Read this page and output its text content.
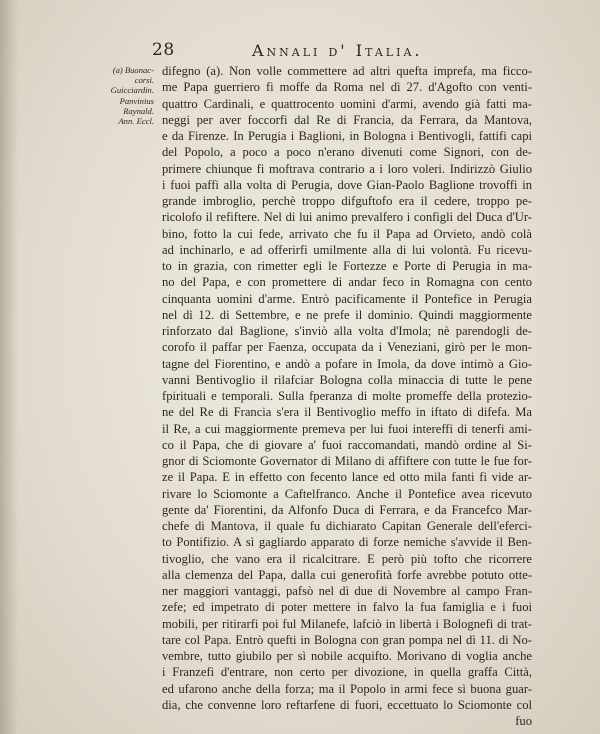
28	Annali d' Italia.
(a) Buonac-
corsi.
Guicciardin.
Panvinius
Raynald.
Ann. Eccl.
difegno (a). Non volle commettere ad altri quefta imprefa, ma ficco-
me Papa guerriero fi moffe da Roma nel dì 27. d'Agofto con venti-
quattro Cardinali, e quattrocento uomini d'armi, avendo già fatti ma-
neggi per aver foccorfi dal Re di Francia, da Ferrara, da Mantova,
e da Firenze. In Perugia i Baglioni, in Bologna i Bentivogli, fattifi capi
del Popolo, a poco a poco n'erano divenuti come Signori, con de-
primere chiunque fi moftrava contrario a i loro voleri. Indirizzò Giulio
i fuoi paffi alla volta di Perugia, dove Gian-Paolo Baglione trovoffi in
grande imbroglio, perchè troppo difguftofo era il cedere, troppo pe-
ricolofo il refiftere. Nel di lui animo prevalfero i configli del Duca d'Ur-
bino, fotto la cui fede, arrivato che fu il Papa ad Orvieto, andò colà
ad inchinarlo, e ad offerirfi umilmente alla di lui volontà. Fu ricevu-
to in grazia, con rimetter egli le Fortezze e Porte di Perugia in ma-
no del Papa, e con promettere di andar feco in Romagna con cento
cinquanta uomini d'arme. Entrò pacificamente il Pontefice in Perugia
nel dì 12. di Settembre, e ne prefe il dominio. Quindi maggiormente
rinforzato dal Baglione, s'inviò alla volta d'Imola; nè parendogli de-
corofo il paffar per Faenza, occupata da i Veneziani, girò per le mon-
tagne del Fiorentino, e andò a pofare in Imola, da dove intimò a Gio-
vanni Bentivoglio il rilafciar Bologna colla minaccia di tutte le pene
fpirituali e temporali. Sulla fperanza di molte promeffe della protezio-
ne del Re di Francia s'era il Bentivoglio meffo in iftato di difefa. Ma
il Re, a cui maggiormente premeva per lui fuoi intereffi di tenerfi ami-
co il Papa, che di giovare a' fuoi raccomandati, mandò ordine al Si-
gnor di Sciomonte Governator di Milano di affiftere con tutte le fue for-
ze il Papa. E in effetto con fecento lance ed otto mila fanti fi vide ar-
rivare lo Sciomonte a Caftelfranco. Anche il Pontefice avea ricevuto
gente da' Fiorentini, da Alfonfo Duca di Ferrara, e da Francefco Mar-
chefe di Mantova, il quale fu dichiarato Capitan Generale dell'eferci-
to Pontifizio. A sì gagliardo apparato di forze nemiche s'avvide il Ben-
tivoglio, che vano era il ricalcitrare. E però più tofto che ricorrere
alla clemenza del Papa, dalla cui generofità forfe avrebbe potuto otte-
ner maggiori vantaggi, pafsò nel dì due di Novembre al campo Fran-
zefe; ed impetrato di poter mettere in falvo la fua famiglia e i fuoi
mobili, per ritirarfi poi ful Milanefe, lafciò in libertà i Bolognefi di trat-
tare col Papa. Entrò quefti in Bologna con gran pompa nel dì 11. di No-
vembre, tutto giubilo per sì nobile acquifto. Morivano di voglia anche
i Franzefi d'entrare, non certo per divozione, in quella graffa Città,
ed ufarono anche della forza; ma il Popolo in armi fece sì buona guar-
dia, che convenne loro reftarfene di fuori, eccettuato lo Sciomonte col
fuo
